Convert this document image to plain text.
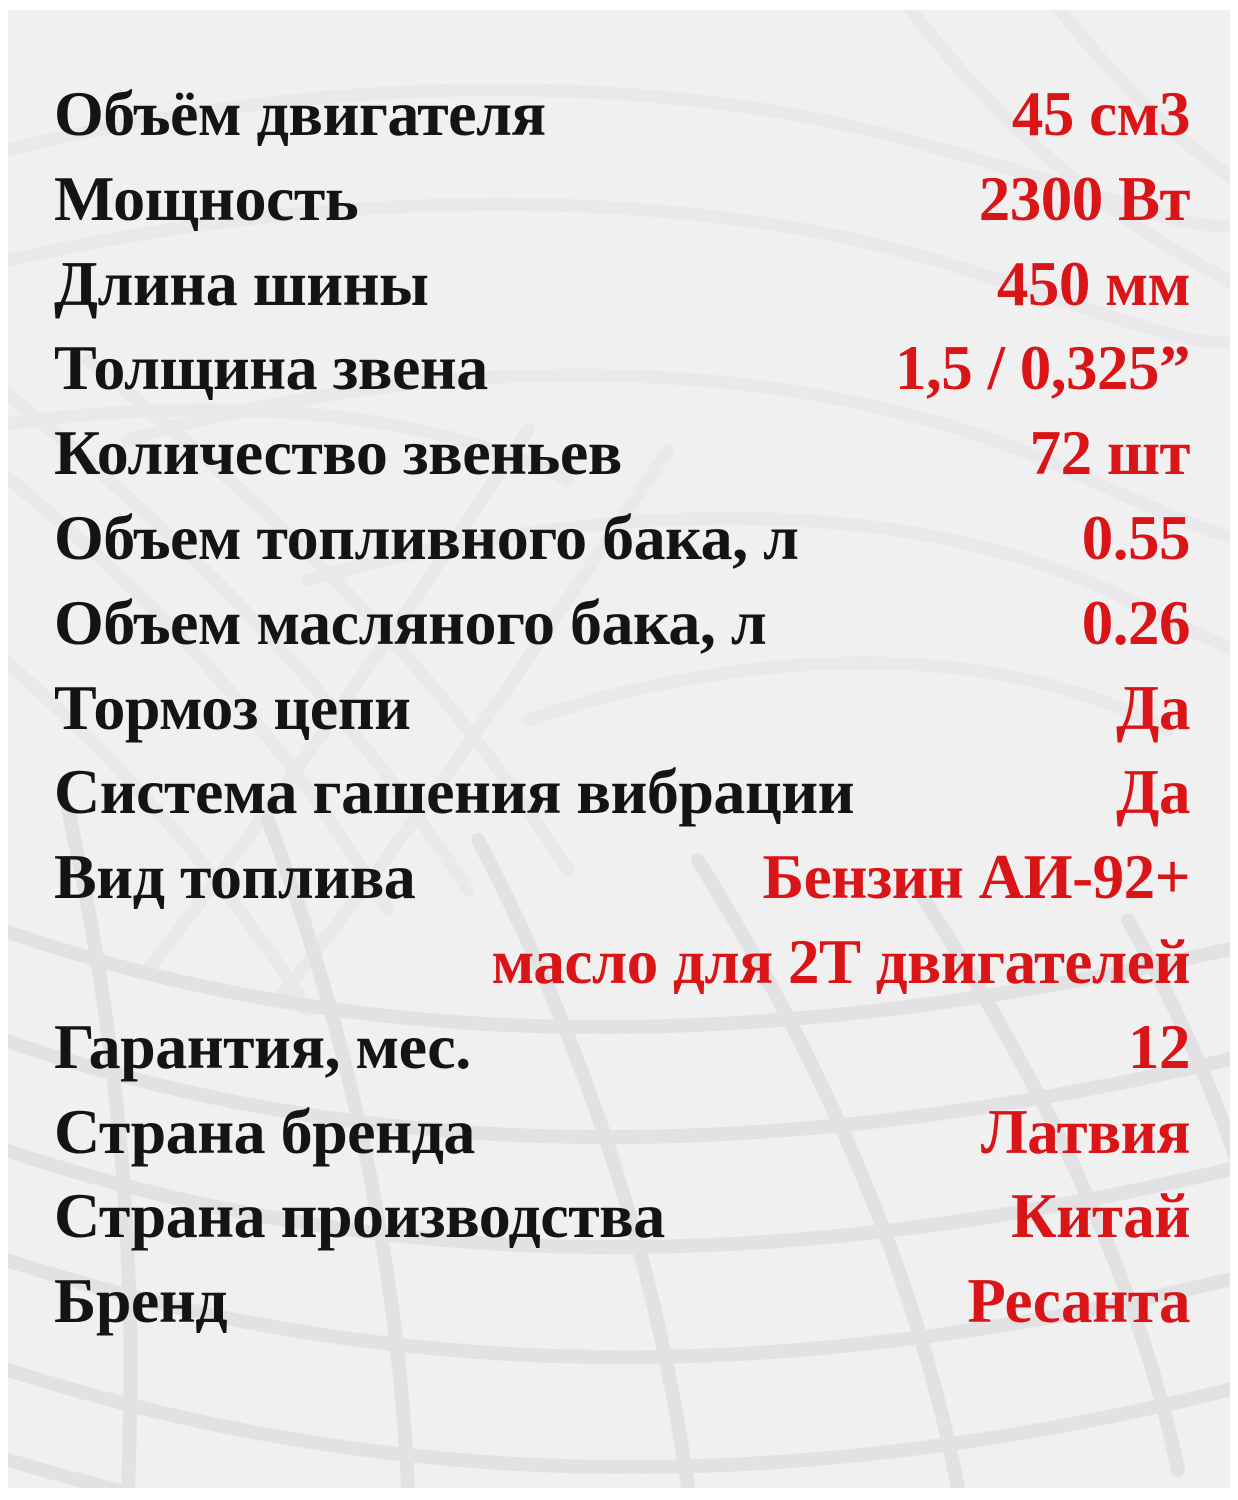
Объём двигателя	45 см3
Мощность	2300 Вт
Длина шины	450 мм
Толщина звена	1,5 / 0,325”
Количество звеньев	72 шт
Объем топливного бака, л	0.55
Объем масляного бака, л	0.26
Тормоз цепи	Да
Система гашения вибрации	Да
Вид топлива	Бензин АИ-92+
масло для 2Т двигателей
Гарантия, мес.	12
Страна бренда	Латвия
Страна производства	Китай
Бренд	Ресанта
